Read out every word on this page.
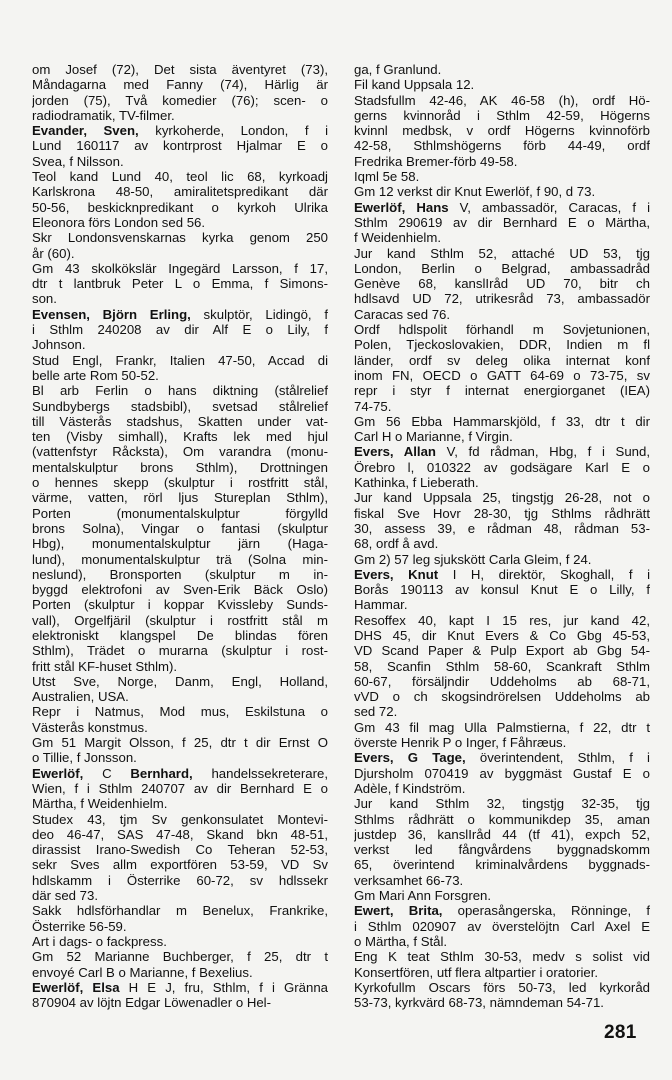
om Josef (72), Det sista äventyret (73),
Måndagarna med Fanny (74), Härlig är
jorden (75), Två komedier (76); scen- o
radiodramatik, TV-filmer.
Evander, Sven, kyrkoherde, London, f i
Lund 160117 av kontrprost Hjalmar E o
Svea, f Nilsson.
Teol kand Lund 40, teol lic 68, kyrkoadj
Karlskrona 48-50, amiralitetspredikant där
50-56, beskicknpredikant o kyrkoh Ulrika
Eleonora förs London sed 56.
Skr Londonsvenskarnas kyrka genom 250
år (60).
Gm 43 skolkökslär Ingegärd Larsson, f 17,
dtr t lantbruk Peter L o Emma, f Simons-
son.
Evensen, Björn Erling, skulptör, Lidingö, f
i Sthlm 240208 av dir Alf E o Lily, f
Johnson.
Stud Engl, Frankr, Italien 47-50, Accad di
belle arte Rom 50-52.
Bl arb Ferlin o hans diktning (stålrelief
Sundbybergs stadsbibl), svetsad stålrelief
till Västerås stadshus, Skatten under vat-
ten (Visby simhall), Krafts lek med hjul
(vattenfstyr Råcksta), Om varandra (monu-
mentalskulptur brons Sthlm), Drottningen
o hennes skepp (skulptur i rostfritt stål,
värme, vatten, rörl ljus Stureplan Sthlm),
Porten (monumentalskulptur förgylld
brons Solna), Vingar o fantasi (skulptur
Hbg), monumentalskulptur järn (Haga-
lund), monumentalskulptur trä (Solna min-
neslund), Bronsporten (skulptur m in-
byggd elektrofoni av Sven-Erik Bäck Oslo)
Porten (skulptur i koppar Kvissleby Sunds-
vall), Orgelfjäril (skulptur i rostfritt stål m
elektroniskt klangspel De blindas fören
Sthlm), Trädet o murarna (skulptur i rost-
fritt stål KF-huset Sthlm).
Utst Sve, Norge, Danm, Engl, Holland,
Australien, USA.
Repr i Natmus, Mod mus, Eskilstuna o
Västerås konstmus.
Gm 51 Margit Olsson, f 25, dtr t dir Ernst O
o Tillie, f Jonsson.
Ewerlöf, C Bernhard, handelssekreterare,
Wien, f i Sthlm 240707 av dir Bernhard E o
Märtha, f Weidenhielm.
Studex 43, tjm Sv genkonsulatet Montevi-
deo 46-47, SAS 47-48, Skand bkn 48-51,
dirassist Irano-Swedish Co Teheran 52-53,
sekr Sves allm exportfören 53-59, VD Sv
hdlskamm i Österrike 60-72, sv hdlssekr
där sed 73.
Sakk hdlsförhandlar m Benelux, Frankrike,
Österrike 56-59.
Art i dags- o fackpress.
Gm 52 Marianne Buchberger, f 25, dtr t
envoyé Carl B o Marianne, f Bexelius.
Ewerlöf, Elsa H E J, fru, Sthlm, f i Gränna
870904 av löjtn Edgar Löwenadler o Hel-
ga, f Granlund.
Fil kand Uppsala 12.
Stadsfullm 42-46, AK 46-58 (h), ordf Hö-
gerns kvinnoråd i Sthlm 42-59, Högerns
kvinnl medbsk, v ordf Högerns kvinnoförb
42-58, Sthlmshögerns förb 44-49, ordf
Fredrika Bremer-förb 49-58.
Iqml 5e 58.
Gm 12 verkst dir Knut Ewerlöf, f 90, d 73.
Ewerlöf, Hans V, ambassadör, Caracas, f i
Sthlm 290619 av dir Bernhard E o Märtha,
f Weidenhielm.
Jur kand Sthlm 52, attaché UD 53, tjg
London, Berlin o Belgrad, ambassadråd
Genève 68, kanslIråd UD 70, bitr ch
hdlsavd UD 72, utrikesråd 73, ambassadör
Caracas sed 76.
Ordf hdlspolit förhandl m Sovjetunionen,
Polen, Tjeckoslovakien, DDR, Indien m fl
länder, ordf sv deleg olika internat konf
inom FN, OECD o GATT 64-69 o 73-75, sv
repr i styr f internat energiorganet (IEA)
74-75.
Gm 56 Ebba Hammarskjöld, f 33, dtr t dir
Carl H o Marianne, f Virgin.
Evers, Allan V, fd rådman, Hbg, f i Sund,
Örebro l, 010322 av godsägare Karl E o
Kathinka, f Lieberath.
Jur kand Uppsala 25, tingstjg 26-28, not o
fiskal Sve Hovr 28-30, tjg Sthlms rådhrätt
30, assess 39, e rådman 48, rådman 53-
68, ordf å avd.
Gm 2) 57 leg sjukskött Carla Gleim, f 24.
Evers, Knut I H, direktör, Skoghall, f i
Borås 190113 av konsul Knut E o Lilly, f
Hammar.
Resoffex 40, kapt I 15 res, jur kand 42,
DHS 45, dir Knut Evers & Co Gbg 45-53,
VD Scand Paper & Pulp Export ab Gbg 54-
58, Scanfin Sthlm 58-60, Scankraft Sthlm
60-67, försäljndir Uddeholms ab 68-71,
vVD o ch skogsindrörelsen Uddeholms ab
sed 72.
Gm 43 fil mag Ulla Palmstierna, f 22, dtr t
överste Henrik P o Inger, f Fåhræus.
Evers, G Tage, överintendent, Sthlm, f i
Djursholm 070419 av byggmäst Gustaf E o
Adèle, f Kindström.
Jur kand Sthlm 32, tingstjg 32-35, tjg
Sthlms rådhrätt o kommunikdep 35, aman
justdep 36, kanslIråd 44 (tf 41), expch 52,
verkst led fångvårdens byggnadskomm
65, överintend kriminalvårdens byggnads-
verksamhet 66-73.
Gm Mari Ann Forsgren.
Ewert, Brita, operasångerska, Rönninge, f
i Sthlm 020907 av överstelöjtn Carl Axel E
o Märtha, f Stål.
Eng K teat Sthlm 30-53, medv s solist vid
Konsertfören, utf flera altpartier i oratorier.
Kyrkofullm Oscars förs 50-73, led kyrkoråd
53-73, kyrkvärd 68-73, nämndeman 54-71.
281
